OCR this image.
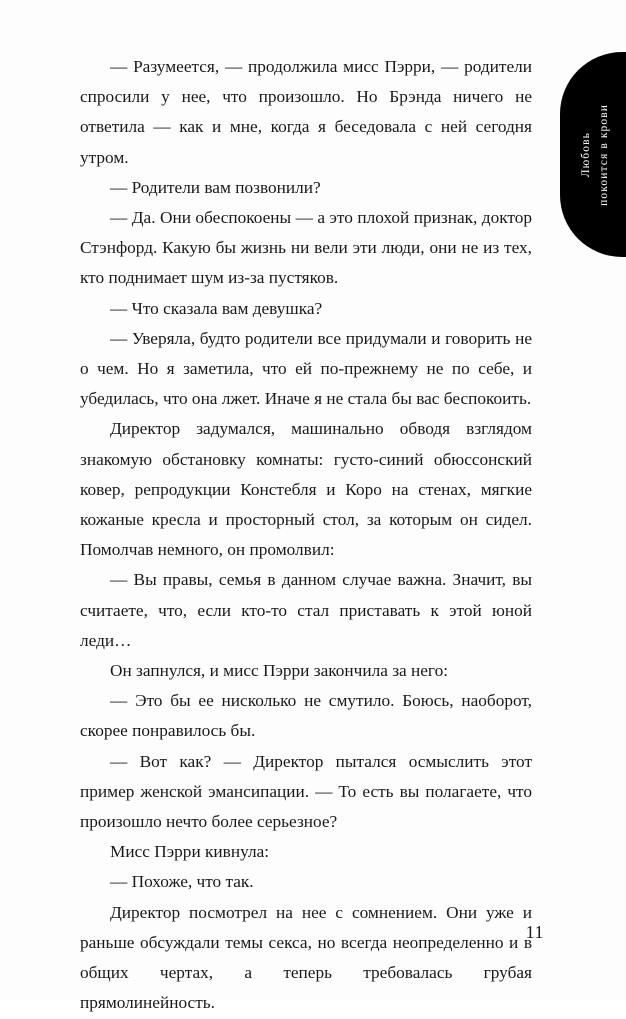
Любовь покоится в крови

— Разумеется, — продолжила мисс Пэрри, — родители спросили у нее, что произошло. Но Брэнда ничего не ответила — как и мне, когда я беседовала с ней сегодня утром.

— Родители вам позвонили?

— Да. Они обеспокоены — а это плохой признак, доктор Стэнфорд. Какую бы жизнь ни вели эти люди, они не из тех, кто поднимает шум из-за пустяков.

— Что сказала вам девушка?

— Уверяла, будто родители все придумали и говорить не о чем. Но я заметила, что ей по-прежнему не по себе, и убедилась, что она лжет. Иначе я не стала бы вас беспокоить.

Директор задумался, машинально обводя взглядом знакомую обстановку комнаты: густо-синий обюссонский ковер, репродукции Констебля и Коро на стенах, мягкие кожаные кресла и просторный стол, за которым он сидел. Помолчав немного, он промолвил:

— Вы правы, семья в данном случае важна. Значит, вы считаете, что, если кто-то стал приставать к этой юной леди…

Он запнулся, и мисс Пэрри закончила за него:

— Это бы ее нисколько не смутило. Боюсь, наоборот, скорее понравилось бы.

— Вот как? — Директор пытался осмыслить этот пример женской эмансипации. — То есть вы полагаете, что произошло нечто более серьезное?

Мисс Пэрри кивнула:

— Похоже, что так.

Директор посмотрел на нее с сомнением. Они уже и раньше обсуждали темы секса, но всегда неопределенно и в общих чертах, а теперь требовалась грубая прямолинейность.

11
